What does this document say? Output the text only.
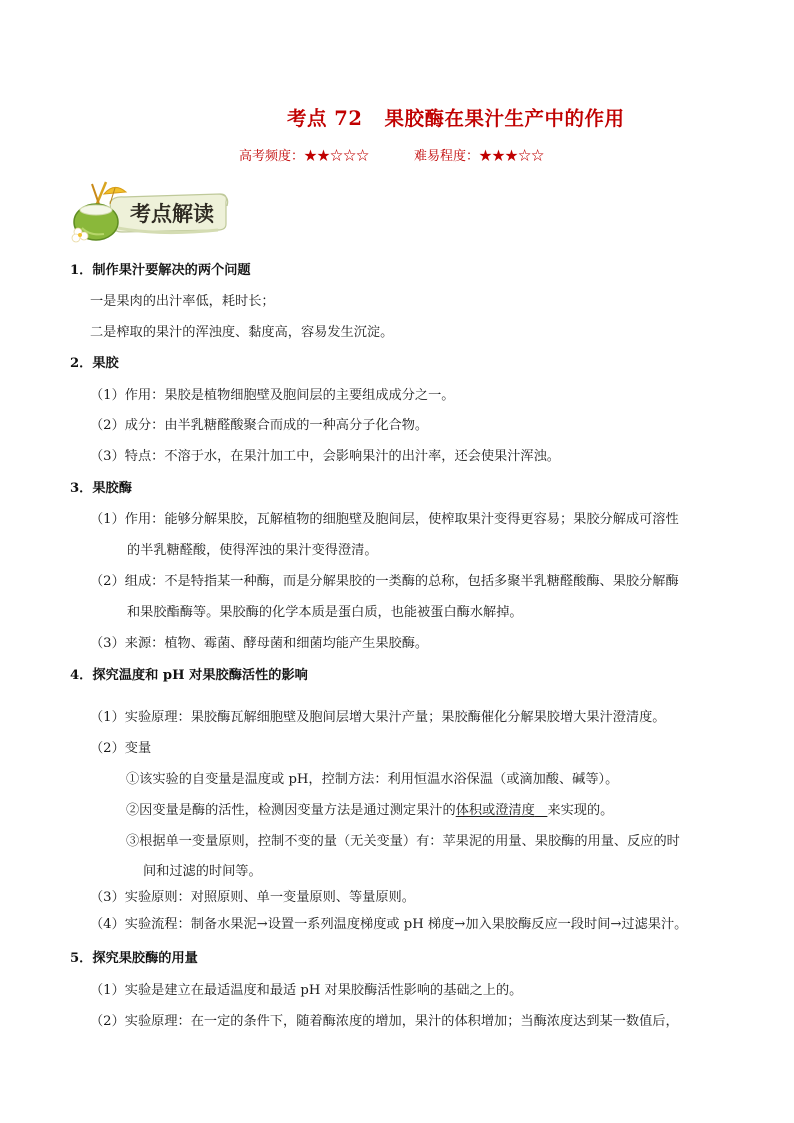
考点 72 果胶酶在果汁生产中的作用
高考频度：★★☆☆☆	难易程度：★★★☆☆
考点解读
1．制作果汁要解决的两个问题
一是果肉的出汁率低，耗时长；
二是榨取的果汁的浑浊度、黏度高，容易发生沉淀。
2．果胶
（1）作用：果胶是植物细胞壁及胞间层的主要组成成分之一。
（2）成分：由半乳糖醛酸聚合而成的一种高分子化合物。
（3）特点：不溶于水，在果汁加工中，会影响果汁的出汁率，还会使果汁浑浊。
3．果胶酶
（1）作用：能够分解果胶，瓦解植物的细胞壁及胞间层，使榨取果汁变得更容易；果胶分解成可溶性
的半乳糖醛酸，使得浑浊的果汁变得澄清。
（2）组成：不是特指某一种酶，而是分解果胶的一类酶的总称，包括多聚半乳糖醛酸酶、果胶分解酶
和果胶酯酶等。果胶酶的化学本质是蛋白质，也能被蛋白酶水解掉。
（3）来源：植物、霉菌、酵母菌和细菌均能产生果胶酶。
4．探究温度和 pH 对果胶酶活性的影响
（1）实验原理：果胶酶瓦解细胞壁及胞间层增大果汁产量；果胶酶催化分解果胶增大果汁澄清度。
（2）变量
①该实验的自变量是温度或 pH，控制方法：利用恒温水浴保温（或滴加酸、碱等）。
②因变量是酶的活性，检测因变量方法是通过测定果汁的体积或澄清度 来实现的。
③根据单一变量原则，控制不变的量（无关变量）有：苹果泥的用量、果胶酶的用量、反应的时
间和过滤的时间等。
（3）实验原则：对照原则、单一变量原则、等量原则。
（4）实验流程：制备水果泥→设置一系列温度梯度或 pH 梯度→加入果胶酶反应一段时间→过滤果汁。
5．探究果胶酶的用量
（1）实验是建立在最适温度和最适 pH 对果胶酶活性影响的基础之上的。
（2）实验原理：在一定的条件下，随着酶浓度的增加，果汁的体积增加；当酶浓度达到某一数值后，
